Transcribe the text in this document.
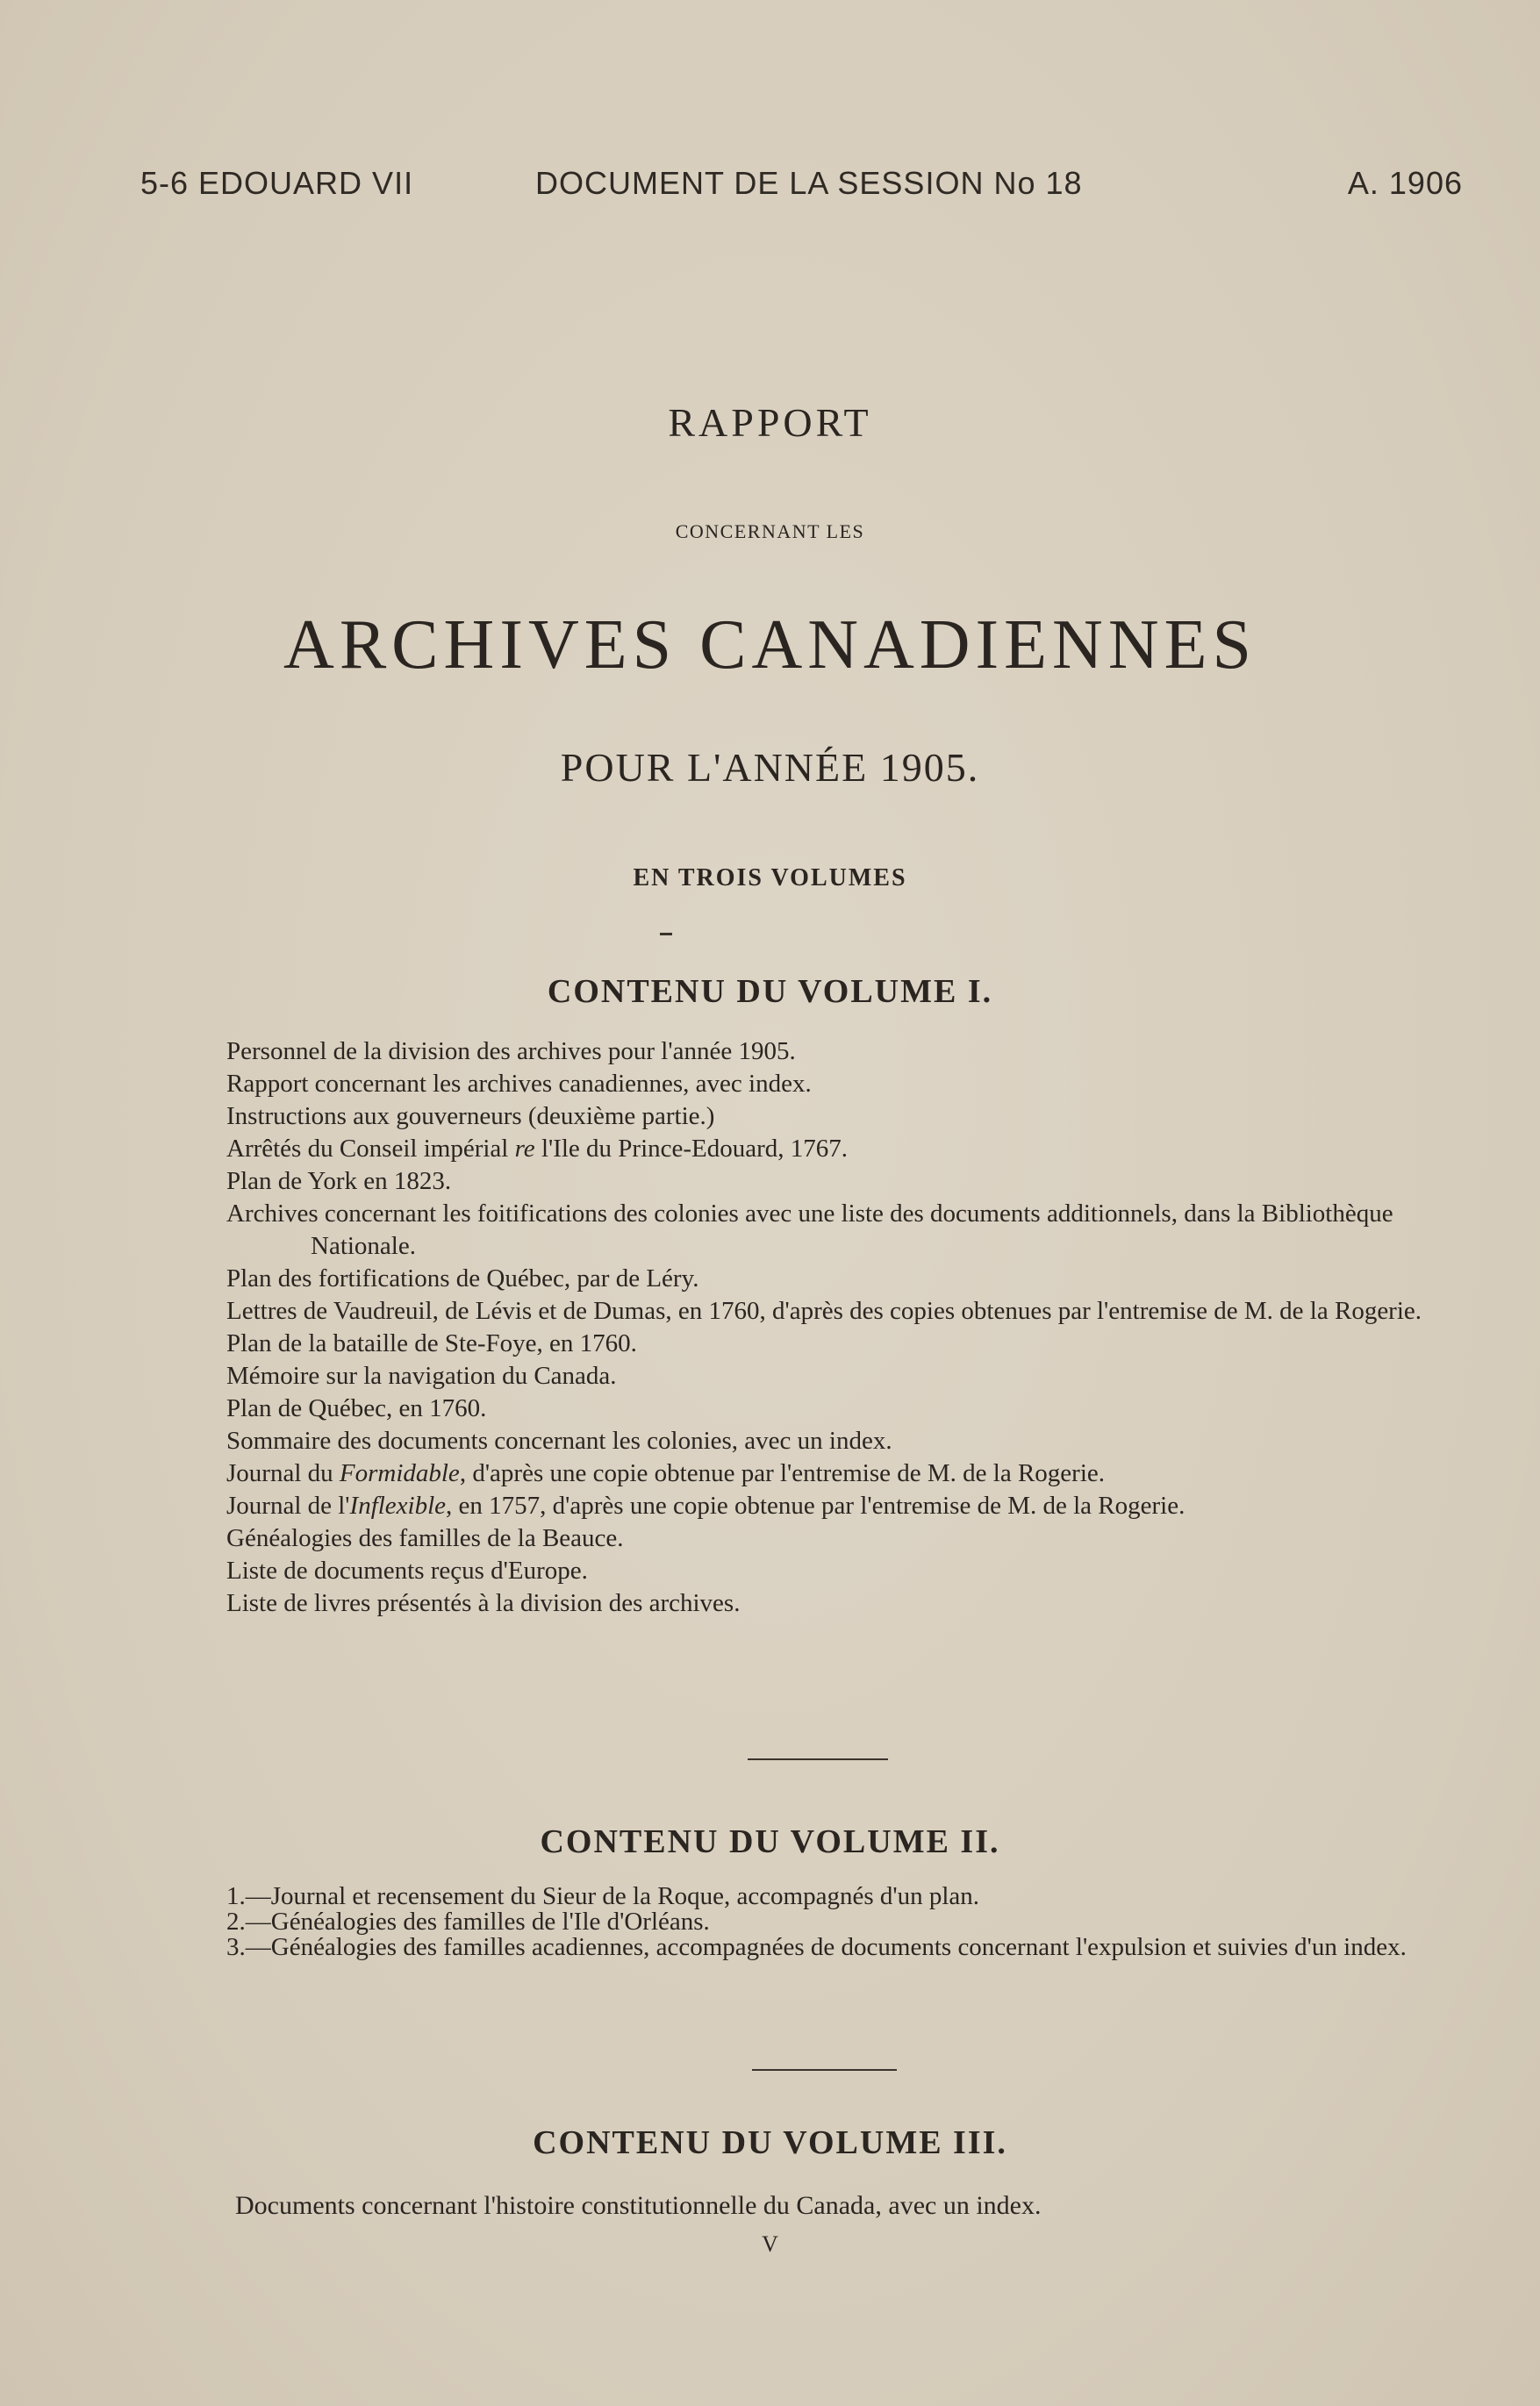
5-6 EDOUARD VII	DOCUMENT DE LA SESSION No 18	A. 1906
RAPPORT
CONCERNANT LES
ARCHIVES CANADIENNES
POUR L'ANNÉE 1905.
EN TROIS VOLUMES
CONTENU DU VOLUME I.
Personnel de la division des archives pour l'année 1905.
Rapport concernant les archives canadiennes, avec index.
Instructions aux gouverneurs (deuxième partie.)
Arrêtés du Conseil impérial re l'Ile du Prince-Edouard, 1767.
Plan de York en 1823.
Archives concernant les foitifications des colonies avec une liste des documents additionnels, dans la Bibliothèque Nationale.
Plan des fortifications de Québec, par de Léry.
Lettres de Vaudreuil, de Lévis et de Dumas, en 1760, d'après des copies obtenues par l'entremise de M. de la Rogerie.
Plan de la bataille de Ste-Foye, en 1760.
Mémoire sur la navigation du Canada.
Plan de Québec, en 1760.
Sommaire des documents concernant les colonies, avec un index.
Journal du Formidable, d'après une copie obtenue par l'entremise de M. de la Rogerie.
Journal de l'Inflexible, en 1757, d'après une copie obtenue par l'entremise de M. de la Rogerie.
Généalogies des familles de la Beauce.
Liste de documents reçus d'Europe.
Liste de livres présentés à la division des archives.
CONTENU DU VOLUME II.
1.—Journal et recensement du Sieur de la Roque, accompagnés d'un plan.
2.—Généalogies des familles de l'Ile d'Orléans.
3.—Généalogies des familles acadiennes, accompagnées de documents concernant l'expulsion et suivies d'un index.
CONTENU DU VOLUME III.
Documents concernant l'histoire constitutionnelle du Canada, avec un index.
V
